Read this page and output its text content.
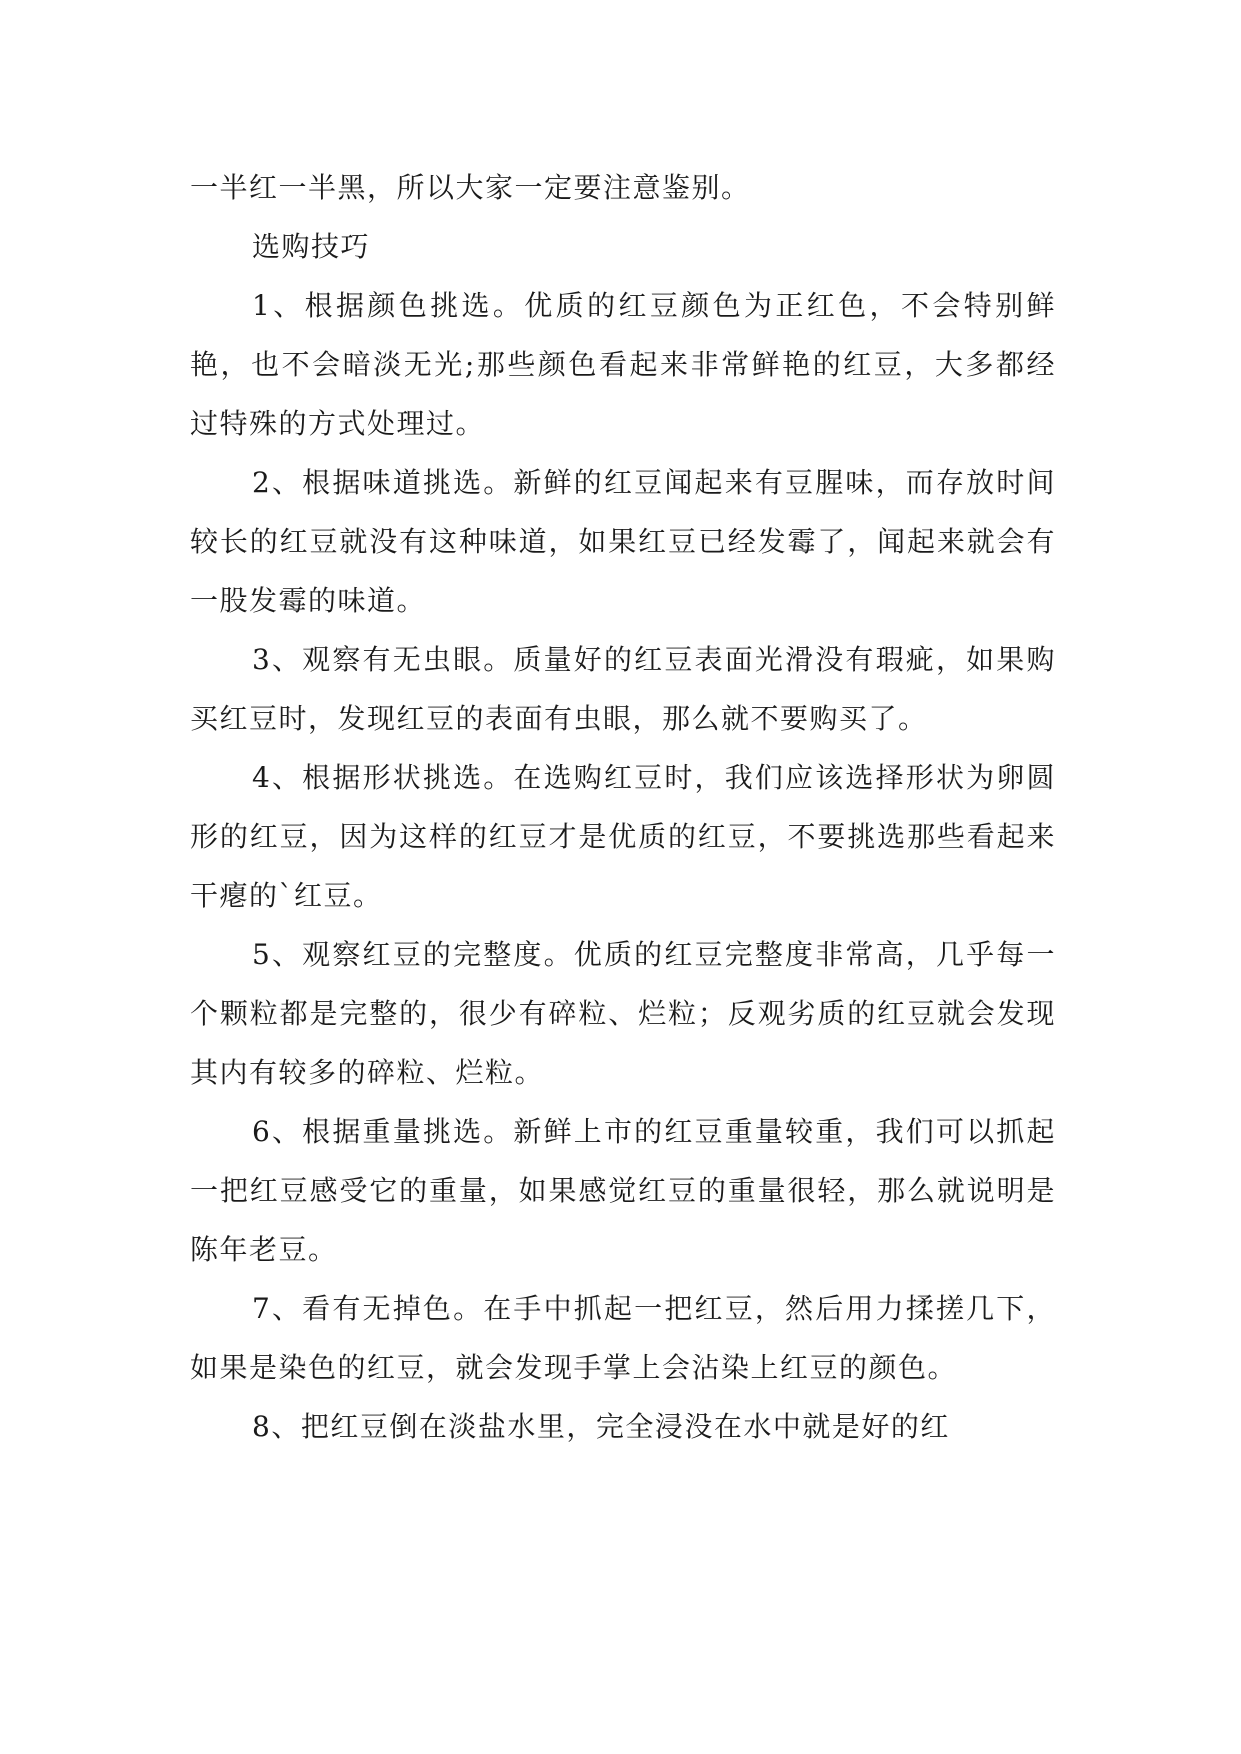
一半红一半黑，所以大家一定要注意鉴别。

选购技巧

1、根据颜色挑选。优质的红豆颜色为正红色，不会特别鲜艳，也不会暗淡无光;那些颜色看起来非常鲜艳的红豆，大多都经过特殊的方式处理过。

2、根据味道挑选。新鲜的红豆闻起来有豆腥味，而存放时间较长的红豆就没有这种味道，如果红豆已经发霉了，闻起来就会有一股发霉的味道。

3、观察有无虫眼。质量好的红豆表面光滑没有瑕疵，如果购买红豆时，发现红豆的表面有虫眼，那么就不要购买了。

4、根据形状挑选。在选购红豆时，我们应该选择形状为卵圆形的红豆，因为这样的红豆才是优质的红豆，不要挑选那些看起来干瘪的`红豆。

5、观察红豆的完整度。优质的红豆完整度非常高，几乎每一个颗粒都是完整的，很少有碎粒、烂粒；反观劣质的红豆就会发现其内有较多的碎粒、烂粒。

6、根据重量挑选。新鲜上市的红豆重量较重，我们可以抓起一把红豆感受它的重量，如果感觉红豆的重量很轻，那么就说明是陈年老豆。

7、看有无掉色。在手中抓起一把红豆，然后用力揉搓几下，如果是染色的红豆，就会发现手掌上会沾染上红豆的颜色。

8、把红豆倒在淡盐水里，完全浸没在水中就是好的红
